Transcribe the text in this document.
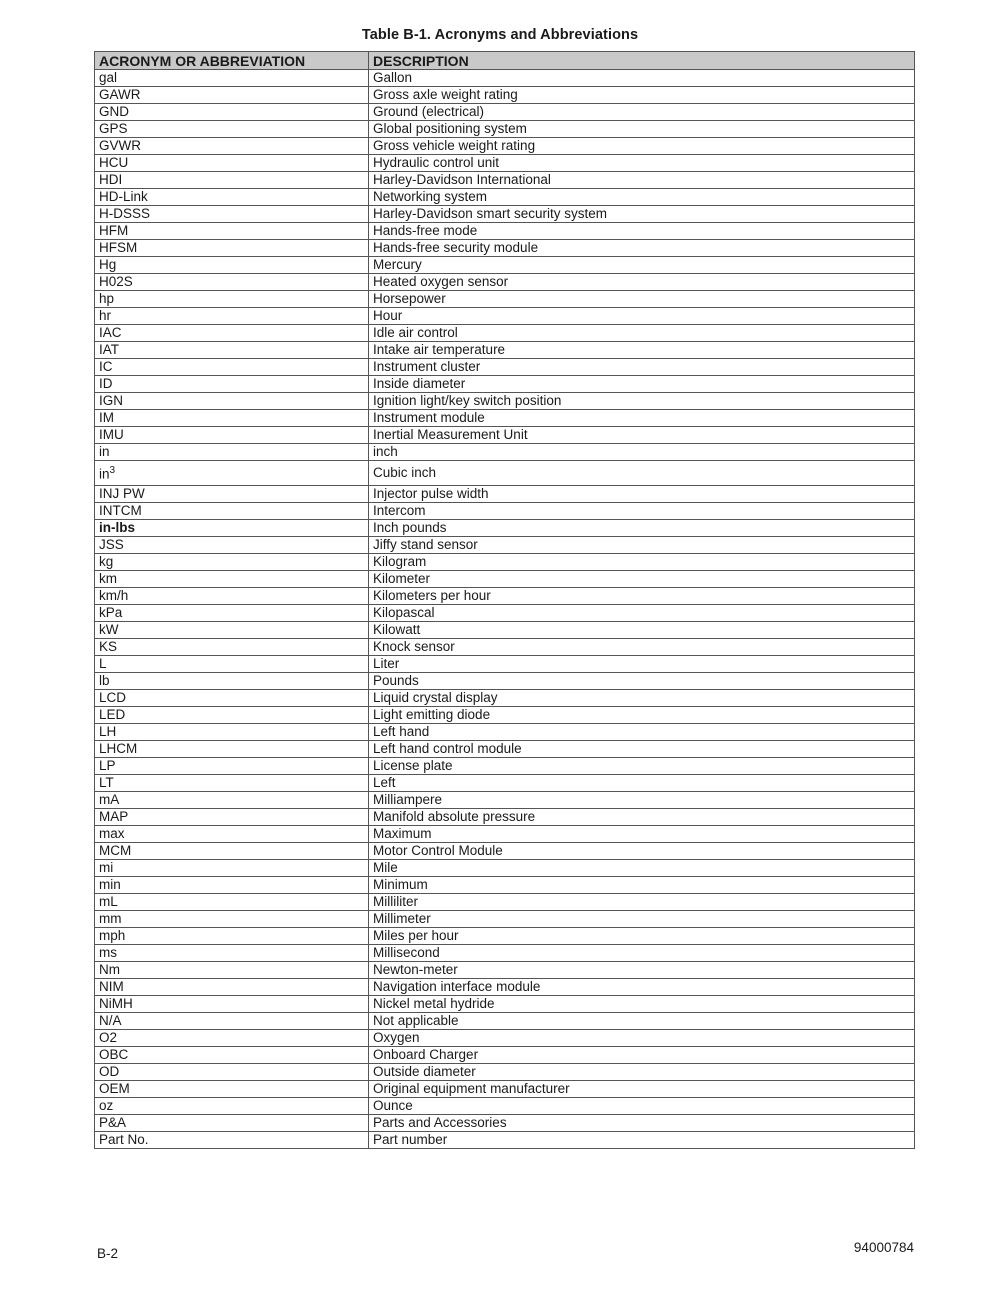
Table B-1. Acronyms and Abbreviations
ACRONYM OR ABBREVIATION	DESCRIPTION
gal	Gallon
GAWR	Gross axle weight rating
GND	Ground (electrical)
GPS	Global positioning system
GVWR	Gross vehicle weight rating
HCU	Hydraulic control unit
HDI	Harley-Davidson International
HD-Link	Networking system
H-DSSS	Harley-Davidson smart security system
HFM	Hands-free mode
HFSM	Hands-free security module
Hg	Mercury
H02S	Heated oxygen sensor
hp	Horsepower
hr	Hour
IAC	Idle air control
IAT	Intake air temperature
IC	Instrument cluster
ID	Inside diameter
IGN	Ignition light/key switch position
IM	Instrument module
IMU	Inertial Measurement Unit
in	inch
$in^3$	Cubic inch
INJ PW	Injector pulse width
INTCM	Intercom
in-lbs	Inch pounds
JSS	Jiffy stand sensor
kg	Kilogram
km	Kilometer
km/h	Kilometers per hour
kPa	Kilopascal
kW	Kilowatt
KS	Knock sensor
L	Liter
lb	Pounds
LCD	Liquid crystal display
LED	Light emitting diode
LH	Left hand
LHCM	Left hand control module
LP	License plate
LT	Left
mA	Milliampere
MAP	Manifold absolute pressure
max	Maximum
MCM	Motor Control Module
mi	Mile
min	Minimum
mL	Milliliter
mm	Millimeter
mph	Miles per hour
ms	Millisecond
Nm	Newton-meter
NIM	Navigation interface module
NiMH	Nickel metal hydride
N/A	Not applicable
O2	Oxygen
OBC	Onboard Charger
OD	Outside diameter
OEM	Original equipment manufacturer
oz	Ounce
P&A	Parts and Accessories
Part No.	Part number
B-2	94000784
